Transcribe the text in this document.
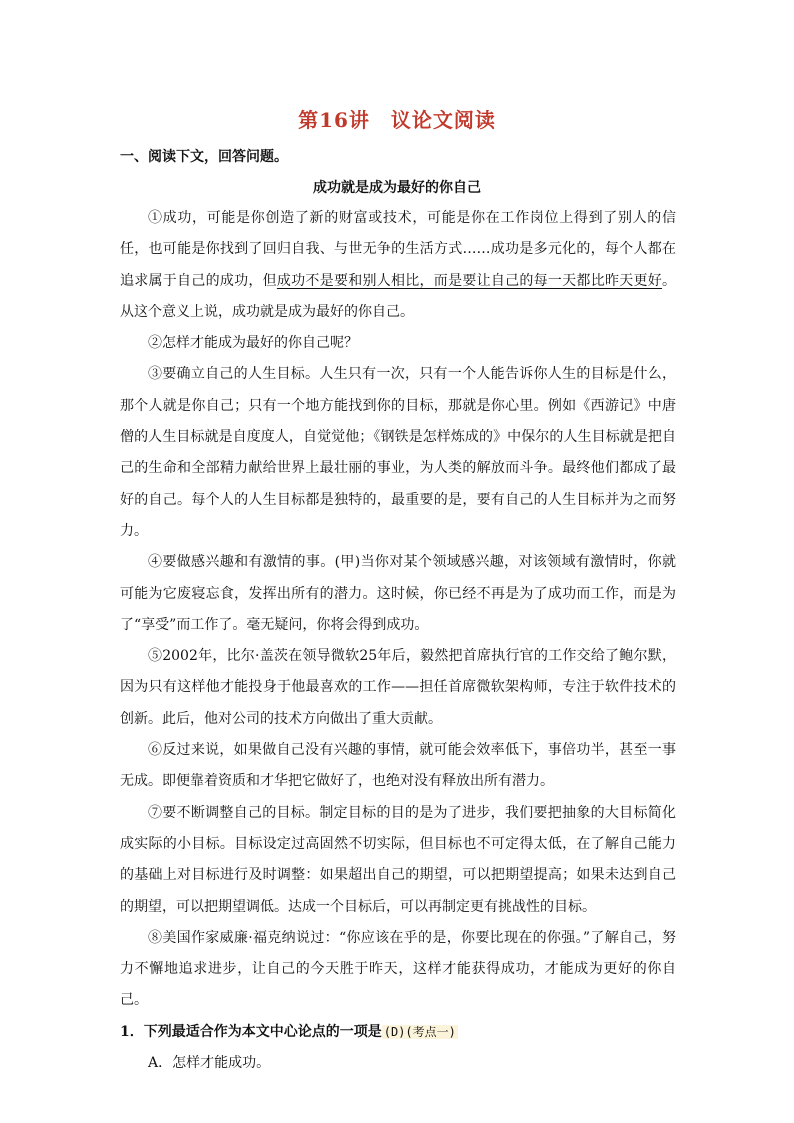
第16讲　议论文阅读
一、阅读下文，回答问题。
成功就是成为最好的你自己

①成功，可能是你创造了新的财富或技术，可能是你在工作岗位上得到了别人的信任，也可能是你找到了回归自我、与世无争的生活方式……成功是多元化的，每个人都在追求属于自己的成功，但成功不是要和别人相比，而是要让自己的每一天都比昨天更好。从这个意义上说，成功就是成为最好的你自己。

②怎样才能成为最好的你自己呢？

③要确立自己的人生目标。人生只有一次，只有一个人能告诉你人生的目标是什么，那个人就是你自己；只有一个地方能找到你的目标，那就是你心里。例如《西游记》中唐僧的人生目标就是自度度人，自觉觉他；《钢铁是怎样炼成的》中保尔的人生目标就是把自己的生命和全部精力献给世界上最壮丽的事业，为人类的解放而斗争。最终他们都成了最好的自己。每个人的人生目标都是独特的，最重要的是，要有自己的人生目标并为之而努力。

④要做感兴趣和有激情的事。(甲)当你对某个领域感兴趣，对该领域有激情时，你就可能为它废寝忘食，发挥出所有的潜力。这时候，你已经不再是为了成功而工作，而是为了“享受”而工作了。毫无疑问，你将会得到成功。

⑤2002年，比尔·盖茨在领导微软25年后，毅然把首席执行官的工作交给了鲍尔默，因为只有这样他才能投身于他最喜欢的工作——担任首席微软架构师，专注于软件技术的创新。此后，他对公司的技术方向做出了重大贡献。

⑥反过来说，如果做自己没有兴趣的事情，就可能会效率低下，事倍功半，甚至一事无成。即便靠着资质和才华把它做好了，也绝对没有释放出所有潜力。

⑦要不断调整自己的目标。制定目标的目的是为了进步，我们要把抽象的大目标简化成实际的小目标。目标设定过高固然不切实际，但目标也不可定得太低，在了解自己能力的基础上对目标进行及时调整：如果超出自己的期望，可以把期望提高；如果未达到自己的期望，可以把期望调低。达成一个目标后，可以再制定更有挑战性的目标。

⑧美国作家威廉·福克纳说过：“你应该在乎的是，你要比现在的你强。”了解自己，努力不懈地追求进步，让自己的今天胜于昨天，这样才能获得成功，才能成为更好的你自己。

1．下列最适合作为本文中心论点的一项是 (D)(考点一)

A．怎样才能成功。
